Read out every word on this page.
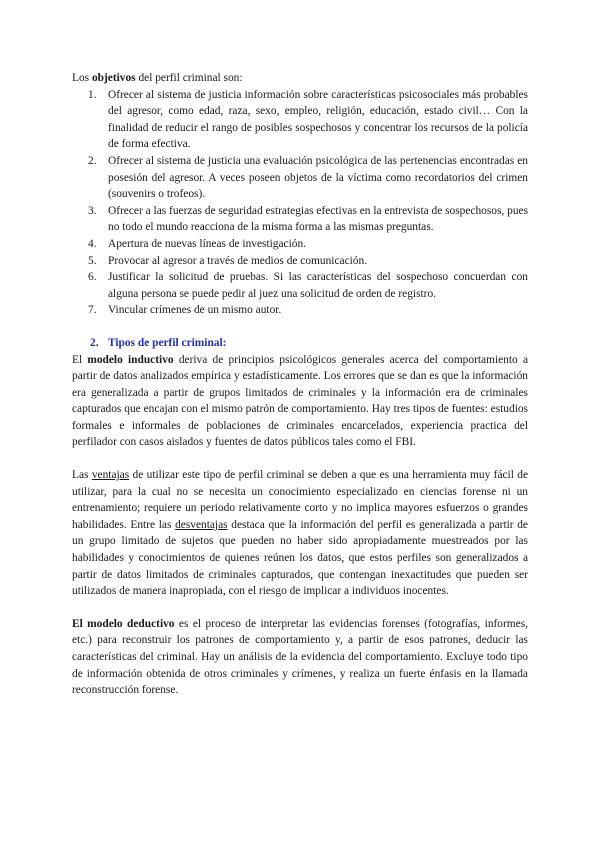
Los objetivos del perfil criminal son:

1. Ofrecer al sistema de justicia información sobre características psicosociales más probables del agresor, como edad, raza, sexo, empleo, religión, educación, estado civil… Con la finalidad de reducir el rango de posibles sospechosos y concentrar los recursos de la policía de forma efectiva.
2. Ofrecer al sistema de justicia una evaluación psicológica de las pertenencias encontradas en posesión del agresor. A veces poseen objetos de la víctima como recordatorios del crimen (souvenirs o trofeos).
3. Ofrecer a las fuerzas de seguridad estrategias efectivas en la entrevista de sospechosos, pues no todo el mundo reacciona de la misma forma a las mismas preguntas.
4. Apertura de nuevas líneas de investigación.
5. Provocar al agresor a través de medios de comunicación.
6. Justificar la solicitud de pruebas. Si las características del sospechoso concuerdan con alguna persona se puede pedir al juez una solicitud de orden de registro.
7. Vincular crímenes de un mismo autor.

2. Tipos de perfil criminal:

El modelo inductivo deriva de principios psicológicos generales acerca del comportamiento a partir de datos analizados empírica y estadísticamente. Los errores que se dan es que la información era generalizada a partir de grupos limitados de criminales y la información era de criminales capturados que encajan con el mismo patrón de comportamiento. Hay tres tipos de fuentes: estudios formales e informales de poblaciones de criminales encarcelados, experiencia practica del perfilador con casos aislados y fuentes de datos públicos tales como el FBI.

Las ventajas de utilizar este tipo de perfil criminal se deben a que es una herramienta muy fácil de utilizar, para la cual no se necesita un conocimiento especializado en ciencias forense ni un entrenamiento; requiere un periodo relativamente corto y no implica mayores esfuerzos o grandes habilidades. Entre las desventajas destaca que la información del perfil es generalizada a partir de un grupo limitado de sujetos que pueden no haber sido apropiadamente muestreados por las habilidades y conocimientos de quienes reúnen los datos, que estos perfiles son generalizados a partir de datos limitados de criminales capturados, que contengan inexactitudes que pueden ser utilizados de manera inapropiada, con el riesgo de implicar a individuos inocentes.

El modelo deductivo es el proceso de interpretar las evidencias forenses (fotografías, informes, etc.) para reconstruir los patrones de comportamiento y, a partir de esos patrones, deducir las características del criminal. Hay un análisis de la evidencia del comportamiento. Excluye todo tipo de información obtenida de otros criminales y crímenes, y realiza un fuerte énfasis en la llamada reconstrucción forense.
